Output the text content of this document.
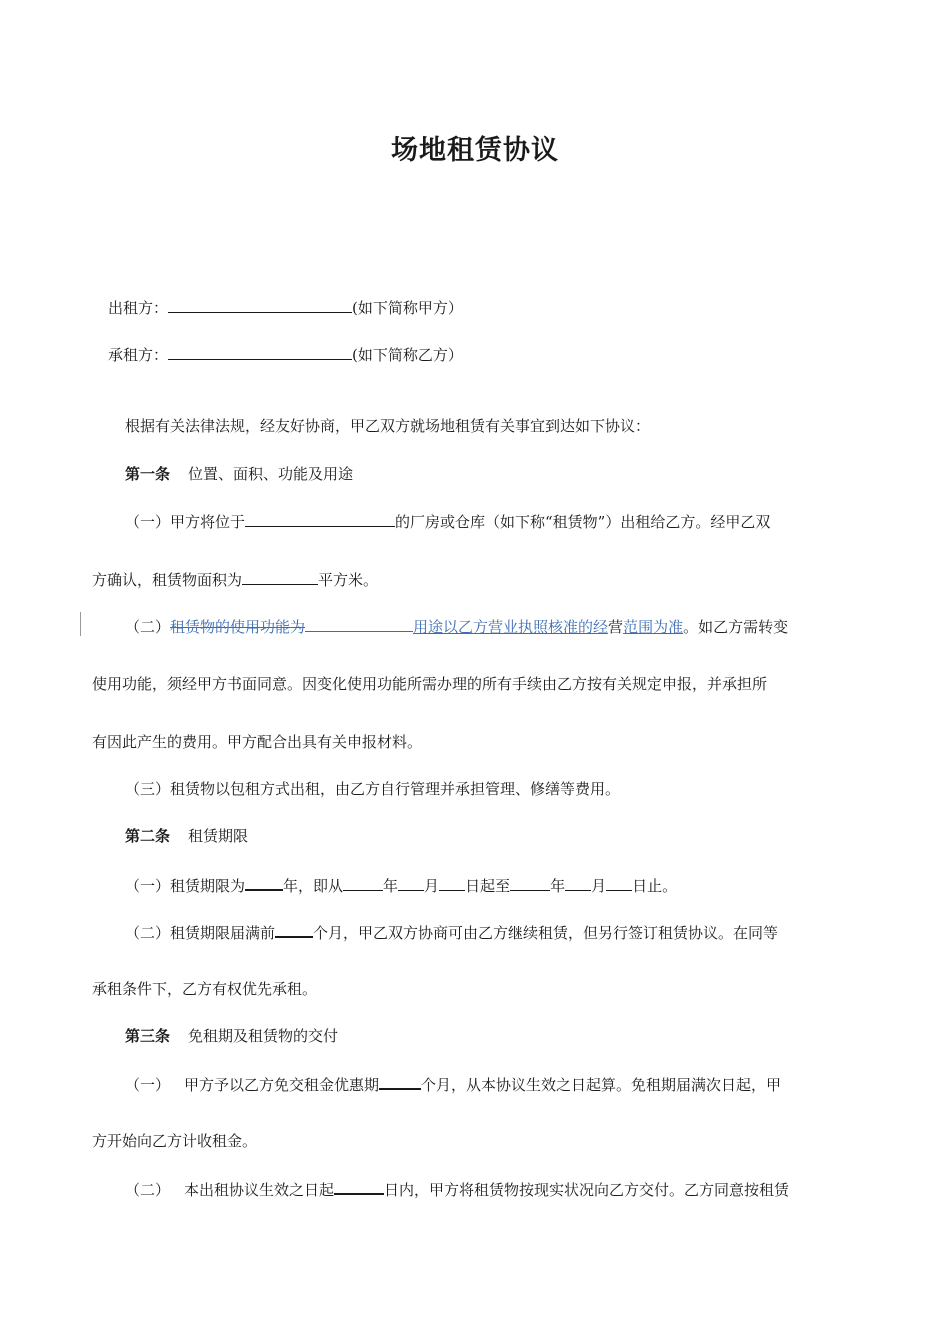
场地租赁协议

出租方：	(如下简称甲方）

承租方：	(如下简称乙方）

根据有关法律法规，经友好协商，甲乙双方就场地租赁有关事宜到达如下协议：

第一条 位置、面积、功能及用途

（一）甲方将位于	的厂房或仓库（如下称“租赁物”）出租给乙方。经甲乙双

方确认，租赁物面积为	平方米。

（二）租赁物的使用功能为	用途以乙方营业执照核准的经营范围为准。如乙方需转变

使用功能，须经甲方书面同意。因变化使用功能所需办理的所有手续由乙方按有关规定申报，并承担所

有因此产生的费用。甲方配合出具有关申报材料。

（三）租赁物以包租方式出租，由乙方自行管理并承担管理、修缮等费用。

第二条 租赁期限

（一）租赁期限为	年，即从	年 月 日起至	年 月 日止。

（二）租赁期限届满前	个月，甲乙双方协商可由乙方继续租赁，但另行签订租赁协议。在同等

承租条件下，乙方有权优先承租。

第三条 免租期及租赁物的交付

（一） 甲方予以乙方免交租金优惠期	个月，从本协议生效之日起算。免租期届满次日起，甲

方开始向乙方计收租金。

（二） 本出租协议生效之日起	日内，甲方将租赁物按现实状况向乙方交付。乙方同意按租赁
